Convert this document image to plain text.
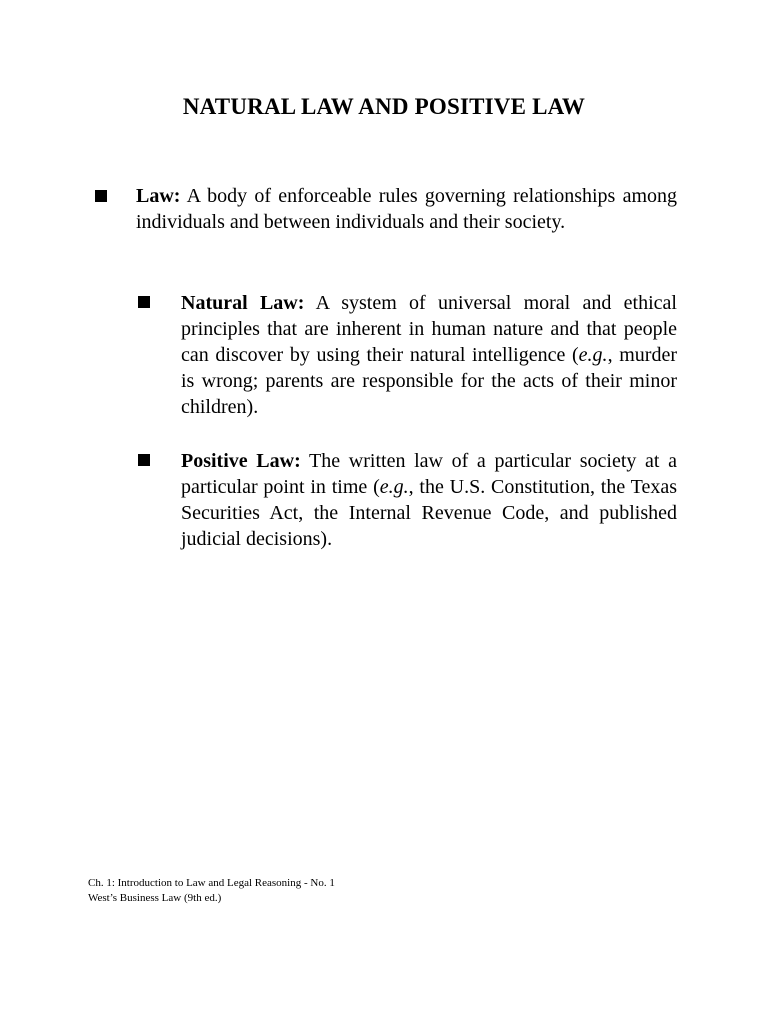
NATURAL LAW AND POSITIVE LAW
Law: A body of enforceable rules governing relationships among individuals and between individuals and their society.
Natural Law: A system of universal moral and ethical principles that are inherent in human nature and that people can discover by using their natural intelligence (e.g., murder is wrong; parents are responsible for the acts of their minor children).
Positive Law: The written law of a particular society at a particular point in time (e.g., the U.S. Constitution, the Texas Securities Act, the Internal Revenue Code, and published judicial decisions).
Ch. 1: Introduction to Law and Legal Reasoning - No. 1
West’s Business Law (9th ed.)
